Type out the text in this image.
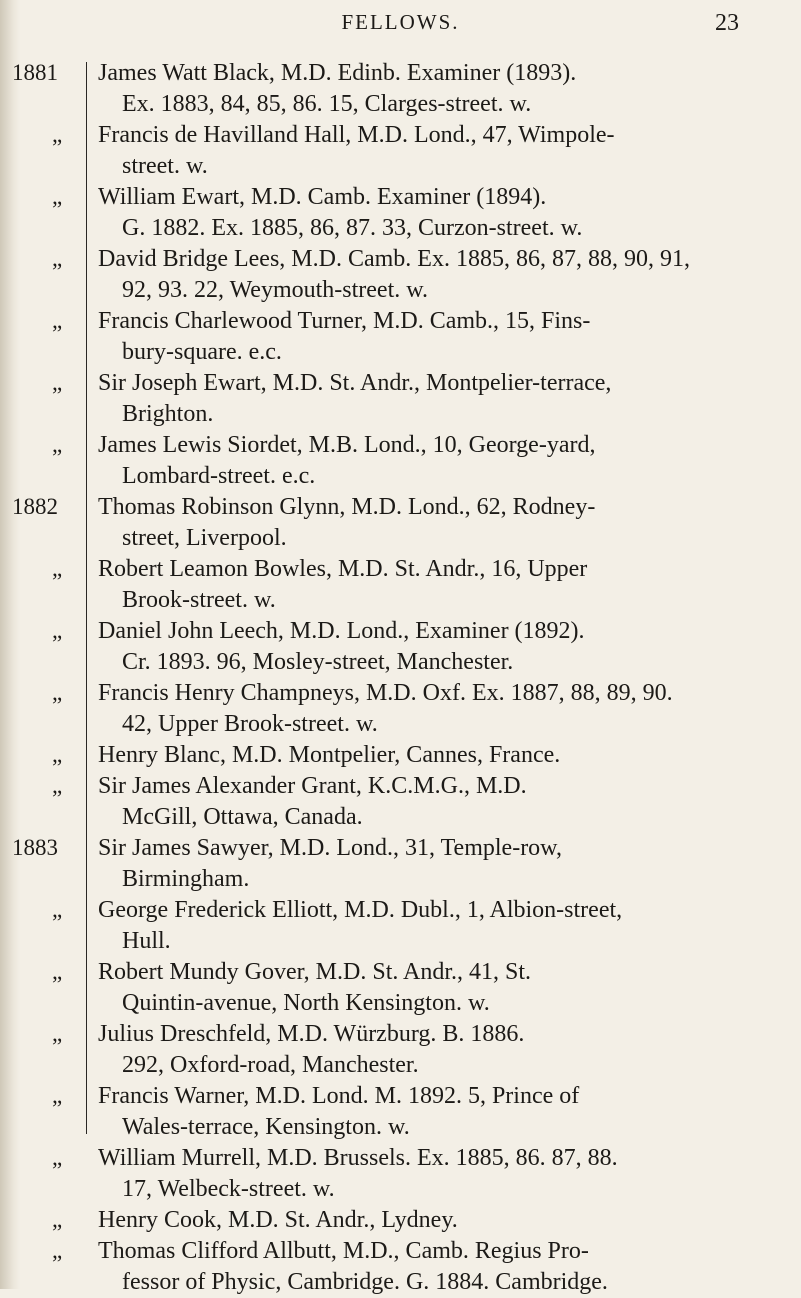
FELLOWS.	23
1881	James Watt Black, M.D. Edinb. Examiner (1893).
Ex. 1883, 84, 85, 86. 15, Clarges-street. w.
„	Francis de Havilland Hall, M.D. Lond., 47, Wimpole-
street. w.
„	William Ewart, M.D. Camb. Examiner (1894).
G. 1882. Ex. 1885, 86, 87. 33, Curzon-street. w.
„	David Bridge Lees, M.D. Camb. Ex. 1885, 86, 87, 88, 90, 91,
92, 93. 22, Weymouth-street. w.
„	Francis Charlewood Turner, M.D. Camb., 15, Fins-
bury-square. e.c.
„	Sir Joseph Ewart, M.D. St. Andr., Montpelier-terrace,
Brighton.
„	James Lewis Siordet, M.B. Lond., 10, George-yard,
Lombard-street. e.c.
1882	Thomas Robinson Glynn, M.D. Lond., 62, Rodney-
street, Liverpool.
„	Robert Leamon Bowles, M.D. St. Andr., 16, Upper
Brook-street. w.
„	Daniel John Leech, M.D. Lond., Examiner (1892).
Cr. 1893. 96, Mosley-street, Manchester.
„	Francis Henry Champneys, M.D. Oxf. Ex. 1887, 88, 89, 90.
42, Upper Brook-street. w.
„	Henry Blanc, M.D. Montpelier, Cannes, France.
„	Sir James Alexander Grant, K.C.M.G., M.D.
McGill, Ottawa, Canada.
1883	Sir James Sawyer, M.D. Lond., 31, Temple-row,
Birmingham.
„	George Frederick Elliott, M.D. Dubl., 1, Albion-street,
Hull.
„	Robert Mundy Gover, M.D. St. Andr., 41, St.
Quintin-avenue, North Kensington. w.
„	Julius Dreschfeld, M.D. Würzburg. B. 1886.
292, Oxford-road, Manchester.
„	Francis Warner, M.D. Lond. M. 1892. 5, Prince of
Wales-terrace, Kensington. w.
„	William Murrell, M.D. Brussels. Ex. 1885, 86. 87, 88.
17, Welbeck-street. w.
„	Henry Cook, M.D. St. Andr., Lydney.
„	Thomas Clifford Allbutt, M.D., Camb. Regius Pro-
fessor of Physic, Cambridge. G. 1884. Cambridge.
